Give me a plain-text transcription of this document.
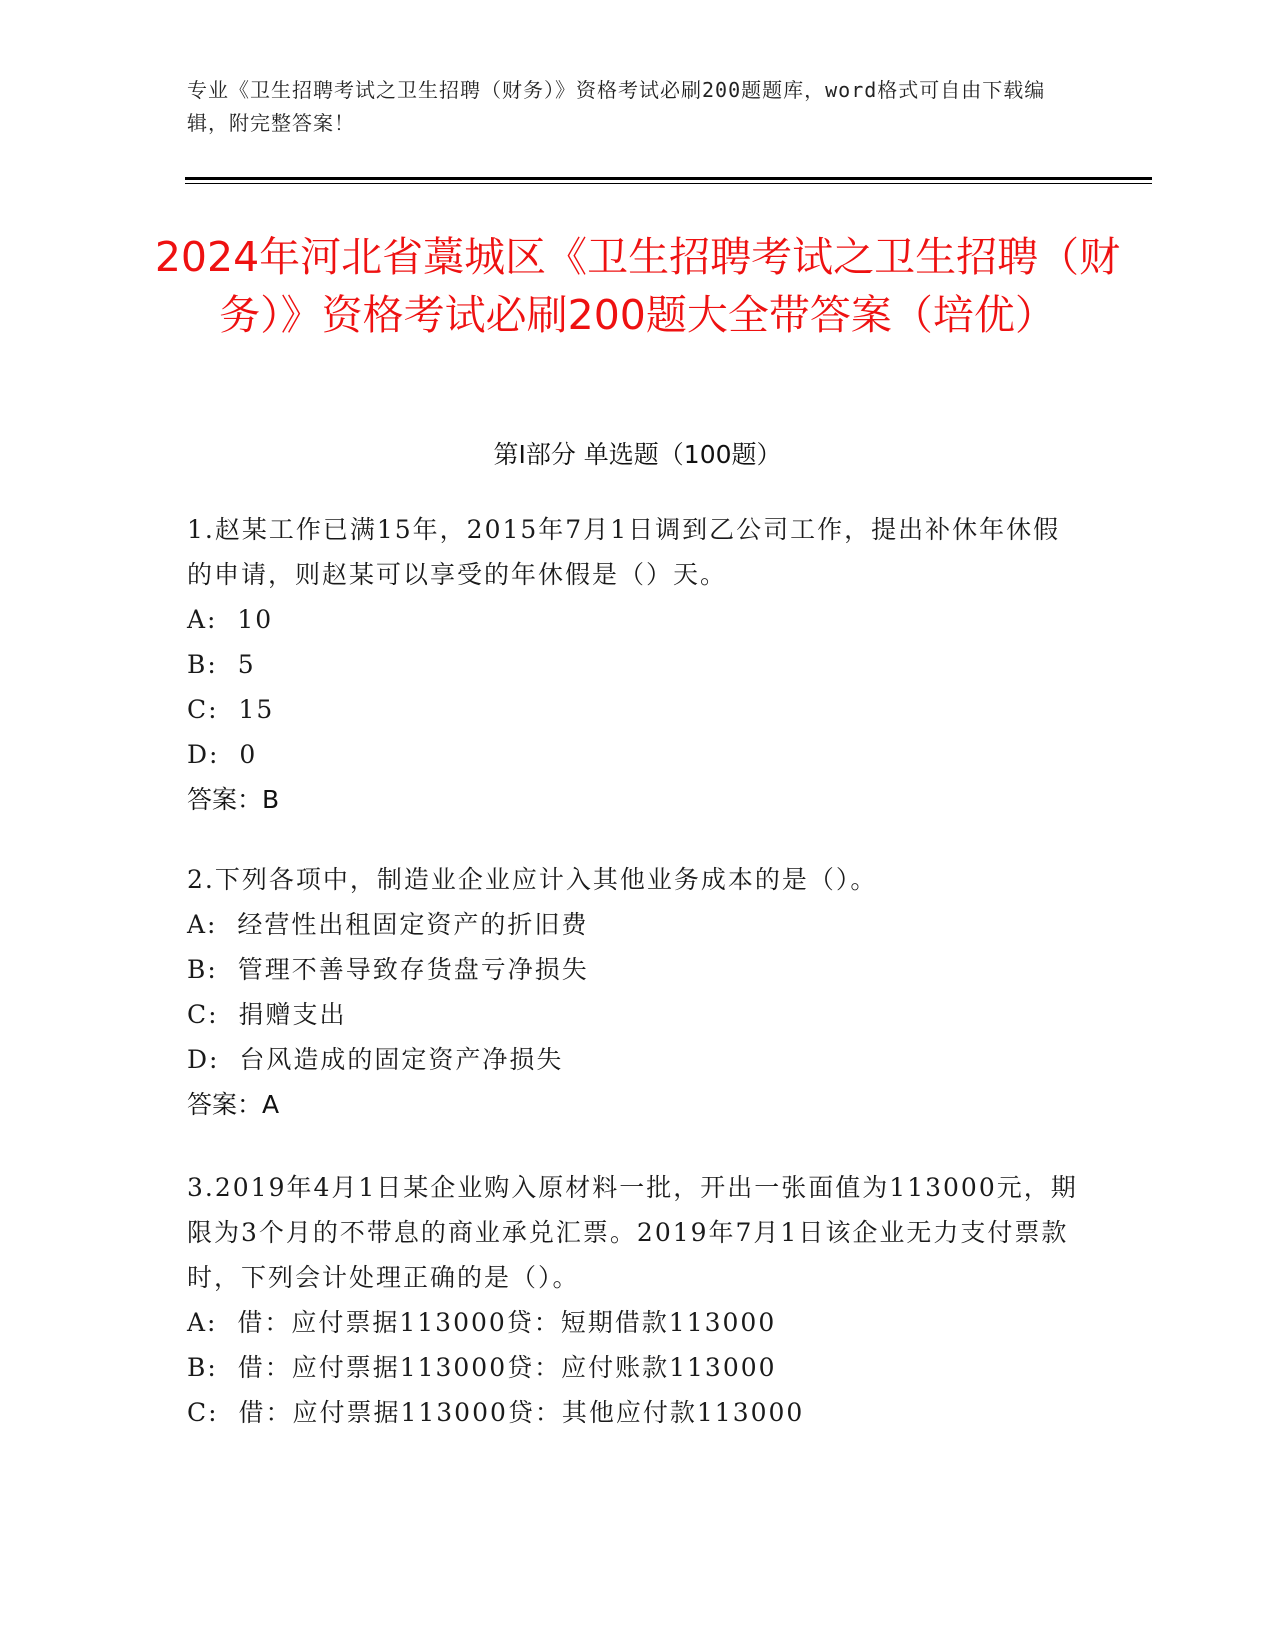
专业《卫生招聘考试之卫生招聘（财务）》资格考试必刷200题题库，word格式可自由下载编辑，附完整答案！
2024年河北省藁城区《卫生招聘考试之卫生招聘（财务）》资格考试必刷200题大全带答案（培优）
第Ⅰ部分 单选题（100题）
1.赵某工作已满15年，2015年7月1日调到乙公司工作，提出补休年休假的申请，则赵某可以享受的年休假是（）天。
A:  10
B:  5
C:  15
D:  0
答案：B
2.下列各项中，制造业企业应计入其他业务成本的是（）。
A:  经营性出租固定资产的折旧费
B:  管理不善导致存货盘亏净损失
C:  捐赠支出
D:  台风造成的固定资产净损失
答案：A
3.2019年4月1日某企业购入原材料一批，开出一张面值为113000元，期限为3个月的不带息的商业承兑汇票。2019年7月1日该企业无力支付票款时，下列会计处理正确的是（）。
A:  借：应付票据113000贷：短期借款113000
B:  借：应付票据113000贷：应付账款113000
C:  借：应付票据113000贷：其他应付款113000
